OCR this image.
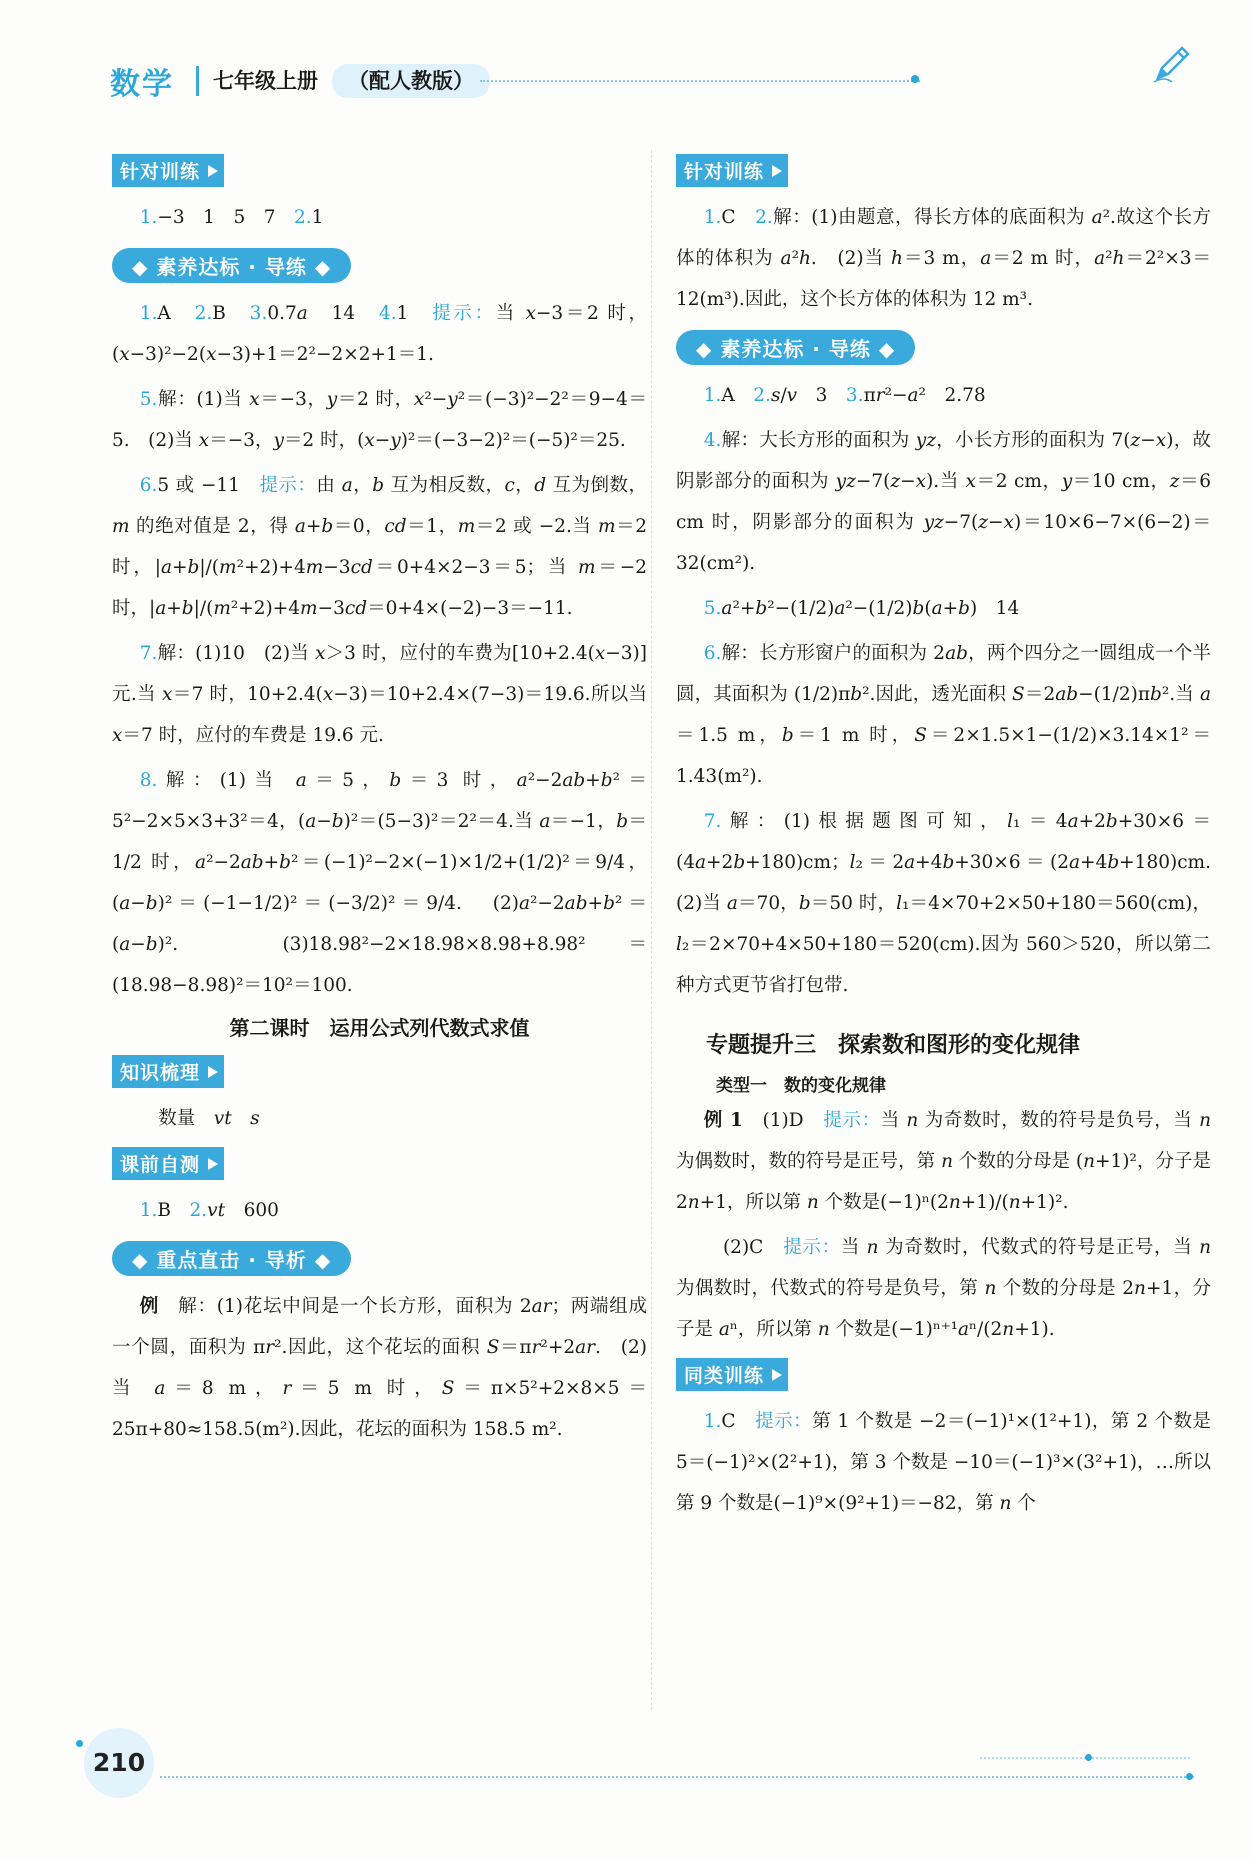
数学	七年级上册	（配人教版）
针对训练
1.−3　1　5　7　2.1
◆ 素养达标 · 导练 ◆
1.A　2.B　3.0.7a　14　4.1　提示：当 x−3＝2 时，(x−3)²−2(x−3)+1＝2²−2×2+1＝1.
5.解：(1)当 x＝−3，y＝2 时，x²−y²＝(−3)²−2²＝9−4＝5.　(2)当 x＝−3，y＝2 时，(x−y)²＝(−3−2)²＝(−5)²＝25.
6.5 或 −11　提示：由 a，b 互为相反数，c，d 互为倒数，m 的绝对值是 2，得 a+b＝0，cd＝1，m＝2 或 −2.当 m＝2 时，|a+b|/(m²+2)+4m−3cd＝0+4×2−3＝5；当 m＝−2 时，|a+b|/(m²+2)+4m−3cd＝0+4×(−2)−3＝−11.
7.解：(1)10　(2)当 x＞3 时，应付的车费为[10+2.4(x−3)]元.当 x＝7 时，10+2.4(x−3)＝10+2.4×(7−3)＝19.6.所以当 x＝7 时，应付的车费是 19.6 元.
8.解：(1)当 a＝5，b＝3 时，a²−2ab+b²＝5²−2×5×3+3²＝4，(a−b)²＝(5−3)²＝2²＝4.当 a＝−1，b＝1/2 时，a²−2ab+b²＝(−1)²−2×(−1)×1/2+(1/2)²＝9/4，(a−b)²＝(−1−1/2)²＝(−3/2)²＝9/4.　(2)a²−2ab+b²＝(a−b)².　(3)18.98²−2×18.98×8.98+8.98²＝(18.98−8.98)²＝10²＝100.
第二课时　运用公式列代数式求值
知识梳理
　数量　vt　 s
课前自测
1.B　2.vt　600
◆ 重点直击 · 导析 ◆
例　解：(1)花坛中间是一个长方形，面积为 2ar；两端组成一个圆，面积为 πr².因此，这个花坛的面积 S＝πr²+2ar.　(2)当 a＝8 m，r＝5 m 时，S＝π×5²+2×8×5＝25π+80≈158.5(m²).因此，花坛的面积为 158.5 m².
针对训练
1.C　2.解：(1)由题意，得长方体的底面积为 a².故这个长方体的体积为 a²h.　(2)当 h＝3 m，a＝2 m 时，a²h＝2²×3＝12(m³).因此，这个长方体的体积为 12 m³.
◆ 素养达标 · 导练 ◆
1.A　2.s/v　3　3.πr²−a²　2.78
4.解：大长方形的面积为 yz，小长方形的面积为 7(z−x)，故阴影部分的面积为 yz−7(z−x).当 x＝2 cm，y＝10 cm，z＝6 cm 时，阴影部分的面积为 yz−7(z−x)＝10×6−7×(6−2)＝32(cm²).
5.a²+b²−(1/2)a²−(1/2)b(a+b)　14
6.解：长方形窗户的面积为 2ab，两个四分之一圆组成一个半圆，其面积为 (1/2)πb².因此，透光面积 S＝2ab−(1/2)πb².当 a＝1.5 m，b＝1 m 时，S＝2×1.5×1−(1/2)×3.14×1²＝1.43(m²).
7.解：(1)根据题图可知，l₁＝4a+2b+30×6＝(4a+2b+180)cm；l₂＝2a+4b+30×6＝(2a+4b+180)cm.　(2)当 a＝70，b＝50 时，l₁＝4×70+2×50+180＝560(cm)，l₂＝2×70+4×50+180＝520(cm).因为 560＞520，所以第二种方式更节省打包带.
专题提升三　探索数和图形的变化规律
类型一　数的变化规律
例 1　(1)D　提示：当 n 为奇数时，数的符号是负号，当 n 为偶数时，数的符号是正号，第 n 个数的分母是 (n+1)²，分子是 2n+1，所以第 n 个数是(−1)ⁿ(2n+1)/(n+1)².
　(2)C　提示：当 n 为奇数时，代数式的符号是正号，当 n 为偶数时，代数式的符号是负号，第 n 个数的分母是 2n+1，分子是 aⁿ，所以第 n 个数是(−1)ⁿ⁺¹aⁿ/(2n+1).
同类训练
1.C　提示：第 1 个数是 −2＝(−1)¹×(1²+1)，第 2 个数是 5＝(−1)²×(2²+1)，第 3 个数是 −10＝(−1)³×(3²+1)，…所以第 9 个数是(−1)⁹×(9²+1)＝−82，第 n 个
210
